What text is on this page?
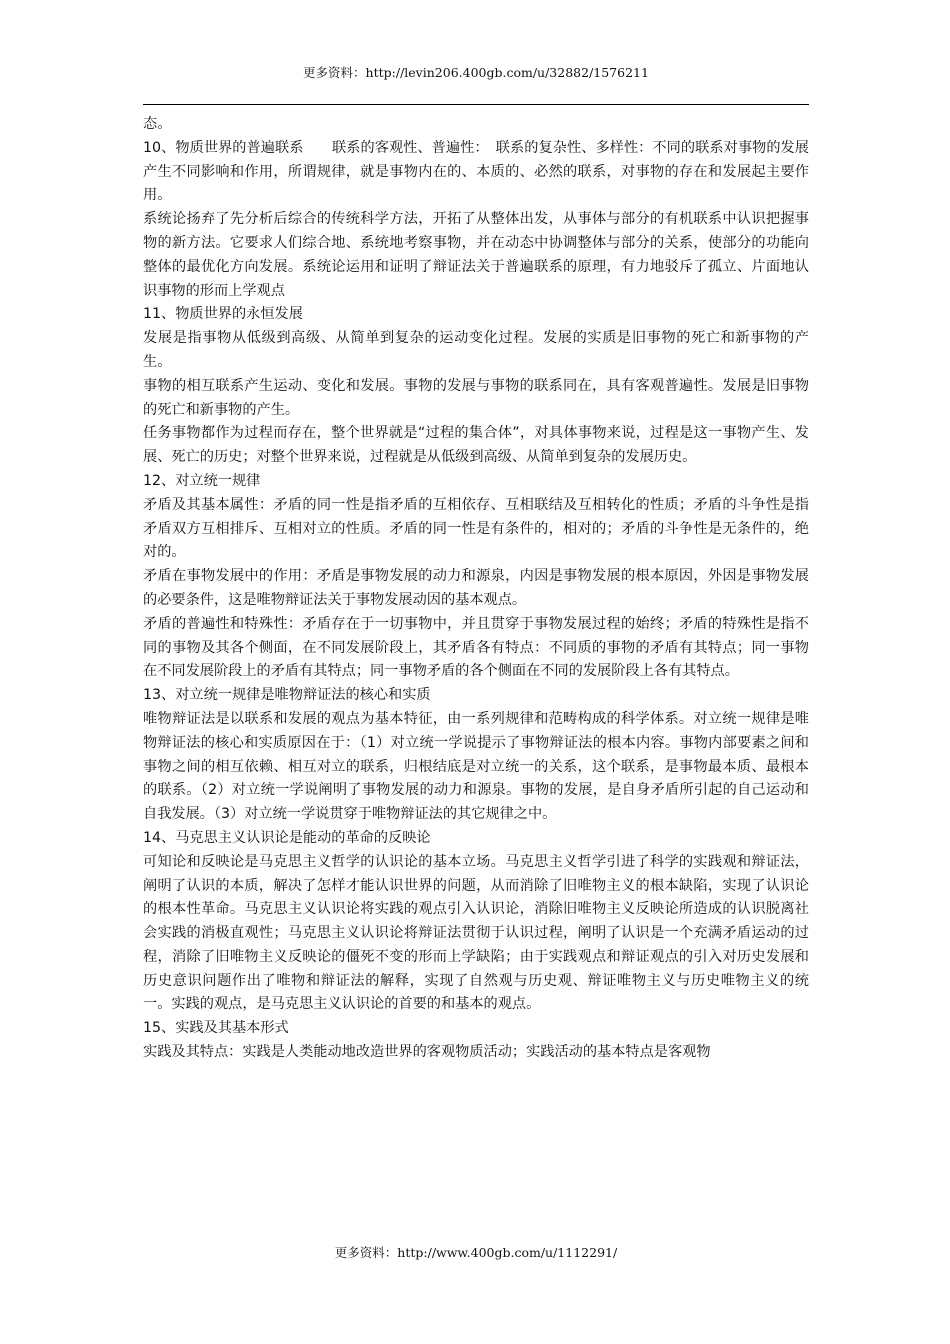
更多资料：http://levin206.400gb.com/u/32882/1576211

态。

10、物质世界的普遍联系　　联系的客观性、普遍性：　联系的复杂性、多样性：不同的联系对事物的发展产生不同影响和作用，所谓规律，就是事物内在的、本质的、必然的联系，对事物的存在和发展起主要作用。

系统论扬弃了先分析后综合的传统科学方法，开拓了从整体出发，从事体与部分的有机联系中认识把握事物的新方法。它要求人们综合地、系统地考察事物，并在动态中协调整体与部分的关系，使部分的功能向整体的最优化方向发展。系统论运用和证明了辩证法关于普遍联系的原理，有力地驳斥了孤立、片面地认识事物的形而上学观点

11、物质世界的永恒发展

发展是指事物从低级到高级、从简单到复杂的运动变化过程。发展的实质是旧事物的死亡和新事物的产生。

事物的相互联系产生运动、变化和发展。事物的发展与事物的联系同在，具有客观普遍性。发展是旧事物的死亡和新事物的产生。

任务事物都作为过程而存在，整个世界就是“过程的集合体”，对具体事物来说，过程是这一事物产生、发展、死亡的历史；对整个世界来说，过程就是从低级到高级、从简单到复杂的发展历史。

12、对立统一规律

矛盾及其基本属性：矛盾的同一性是指矛盾的互相依存、互相联结及互相转化的性质；矛盾的斗争性是指矛盾双方互相排斥、互相对立的性质。矛盾的同一性是有条件的，相对的；矛盾的斗争性是无条件的，绝对的。

矛盾在事物发展中的作用：矛盾是事物发展的动力和源泉，内因是事物发展的根本原因，外因是事物发展的必要条件，这是唯物辩证法关于事物发展动因的基本观点。

矛盾的普遍性和特殊性：矛盾存在于一切事物中，并且贯穿于事物发展过程的始终；矛盾的特殊性是指不同的事物及其各个侧面，在不同发展阶段上，其矛盾各有特点：不同质的事物的矛盾有其特点；同一事物在不同发展阶段上的矛盾有其特点；同一事物矛盾的各个侧面在不同的发展阶段上各有其特点。

13、对立统一规律是唯物辩证法的核心和实质

唯物辩证法是以联系和发展的观点为基本特征，由一系列规律和范畴构成的科学体系。对立统一规律是唯物辩证法的核心和实质原因在于：（1）对立统一学说提示了事物辩证法的根本内容。事物内部要素之间和事物之间的相互依赖、相互对立的联系，归根结底是对立统一的关系，这个联系，是事物最本质、最根本的联系。（2）对立统一学说阐明了事物发展的动力和源泉。事物的发展，是自身矛盾所引起的自己运动和自我发展。（3）对立统一学说贯穿于唯物辩证法的其它规律之中。

14、马克思主义认识论是能动的革命的反映论

可知论和反映论是马克思主义哲学的认识论的基本立场。马克思主义哲学引进了科学的实践观和辩证法，阐明了认识的本质，解决了怎样才能认识世界的问题，从而消除了旧唯物主义的根本缺陷，实现了认识论的根本性革命。马克思主义认识论将实践的观点引入认识论，消除旧唯物主义反映论所造成的认识脱离社会实践的消极直观性；马克思主义认识论将辩证法贯彻于认识过程，阐明了认识是一个充满矛盾运动的过程，消除了旧唯物主义反映论的僵死不变的形而上学缺陷；由于实践观点和辩证观点的引入对历史发展和历史意识问题作出了唯物和辩证法的解释，实现了自然观与历史观、辩证唯物主义与历史唯物主义的统一。实践的观点，是马克思主义认识论的首要的和基本的观点。

15、实践及其基本形式

实践及其特点：实践是人类能动地改造世界的客观物质活动；实践活动的基本特点是客观物

更多资料：http://www.400gb.com/u/1112291/
